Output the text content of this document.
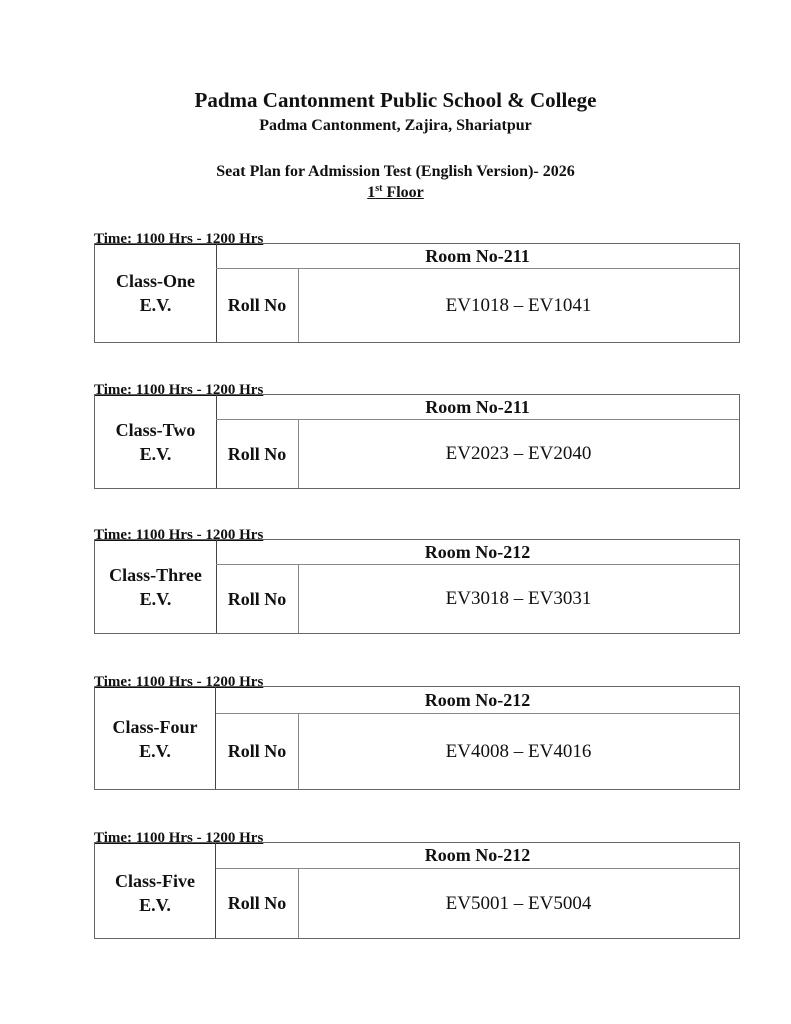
Padma Cantonment Public School & College
Padma Cantonment, Zajira, Shariatpur
Seat Plan for Admission Test (English Version)- 2026
1st Floor
Time: 1100 Hrs - 1200 Hrs
Class-One
E.V.
Room No-211
Roll No	EV1018 – EV1041
Time: 1100 Hrs - 1200 Hrs
Class-Two
E.V.
Room No-211
Roll No	EV2023 – EV2040
Time: 1100 Hrs - 1200 Hrs
Class-Three
E.V.
Room No-212
Roll No	EV3018 – EV3031
Time: 1100 Hrs - 1200 Hrs
Class-Four
E.V.
Room No-212
Roll No	EV4008 – EV4016
Time: 1100 Hrs - 1200 Hrs
Class-Five
E.V.
Room No-212
Roll No	EV5001 – EV5004
